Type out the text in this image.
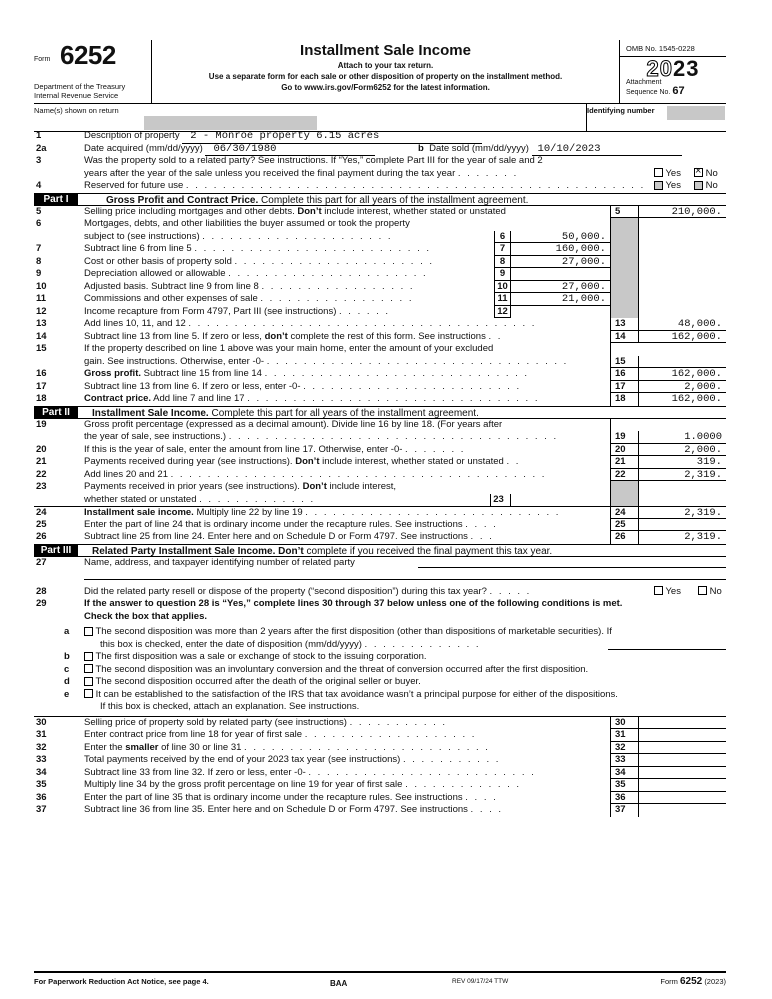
Form 6252
Department of the Treasury
Internal Revenue Service
Installment Sale Income
Attach to your tax return.
Use a separate form for each sale or other disposition of property on the installment method.
Go to www.irs.gov/Form6252 for the latest information.
OMB No. 1545-0228
2023
Attachment
Sequence No. 67
Name(s) shown on return	Identifying number
1	Description of property 2 - Monroe property 6.15 acres
2a	Date acquired (mm/dd/yyyy) 06/30/1980	b Date sold (mm/dd/yyyy) 10/10/2023
3	Was the property sold to a related party? See instructions. If “Yes,” complete Part III for the year of sale and 2
years after the year of the sale unless you received the final payment during the tax year . . . . . . .	Yes ×	No
4	Reserved for future use . . . . . . . . . . . . . . . . . . . . . . . . . . . . . . . . . . . . . . . . . . . . . . . . . .	Yes	No
Part I	Gross Profit and Contract Price. Complete this part for all years of the installment agreement.
5	Selling price including mortgages and other debts. Don’t include interest, whether stated or unstated	5	210,000.
6	Mortgages, debts, and other liabilities the buyer assumed or took the property
subject to (see instructions) . . . . . . . . . . . . . . . . . . . . .	6	50,000.
7	Subtract line 6 from line 5 . . . . . . . . . . . . . . . . . . . . . . . . . .	7	160,000.
8	Cost or other basis of property sold . . . . . . . . . . . . . . . . . . . . . .	8	27,000.
9	Depreciation allowed or allowable . . . . . . . . . . . . . . . . . . . . . .	9
10	Adjusted basis. Subtract line 9 from line 8 . . . . . . . . . . . . . . . . .	10	27,000.
11	Commissions and other expenses of sale . . . . . . . . . . . . . . . . .	11	21,000.
12	Income recapture from Form 4797, Part III (see instructions) . . . . . .	12
13	Add lines 10, 11, and 12 . . . . . . . . . . . . . . . . . . . . . . . . . . . . . . . . . . . . . .	13	48,000.
14	Subtract line 13 from line 5. If zero or less, don’t complete the rest of this form. See instructions . .	14	162,000.
15	If the property described on line 1 above was your main home, enter the amount of your excluded
gain. See instructions. Otherwise, enter -0- . . . . . . . . . . . . . . . . . . . . . . . . . . . . . . . . .	15
16	Gross profit. Subtract line 15 from line 14 . . . . . . . . . . . . . . . . . . . . . . . . . . . . .	16	162,000.
17	Subtract line 13 from line 6. If zero or less, enter -0- . . . . . . . . . . . . . . . . . . . . . . . .	17	2,000.
18	Contract price. Add line 7 and line 17 . . . . . . . . . . . . . . . . . . . . . . . . . . . . . . . .	18	162,000.
Part II	Installment Sale Income. Complete this part for all years of the installment agreement.
19	Gross profit percentage (expressed as a decimal amount). Divide line 16 by line 18. (For years after
the year of sale, see instructions.) . . . . . . . . . . . . . . . . . . . . . . . . . . . . . . . . . . . .	19	1.0000
20	If this is the year of sale, enter the amount from line 17. Otherwise, enter -0- . . . . . . .	20	2,000.
21	Payments received during year (see instructions). Don’t include interest, whether stated or unstated . .	21	319.
22	Add lines 20 and 21 . . . . . . . . . . . . . . . . . . . . . . . . . . . . . . . . . . . . . . . . .	22	2,319.
23	Payments received in prior years (see instructions). Don’t include interest,
whether stated or unstated . . . . . . . . . . . . .	23
24	Installment sale income. Multiply line 22 by line 19 . . . . . . . . . . . . . . . . . . . . . . . . . . . .	24	2,319.
25	Enter the part of line 24 that is ordinary income under the recapture rules. See instructions . . . .	25
26	Subtract line 25 from line 24. Enter here and on Schedule D or Form 4797. See instructions . . .	26	2,319.
Part III	Related Party Installment Sale Income. Don’t complete if you received the final payment this tax year.
27	Name, address, and taxpayer identifying number of related party
28	Did the related party resell or dispose of the property (“second disposition”) during this tax year? . . . . .	Yes	No
29	If the answer to question 28 is “Yes,” complete lines 30 through 37 below unless one of the following conditions is met.
Check the box that applies.
a	The second disposition was more than 2 years after the first disposition (other than dispositions of marketable securities). If
this box is checked, enter the date of disposition (mm/dd/yyyy) . . . . . . . . . . . . .
b	The first disposition was a sale or exchange of stock to the issuing corporation.
c	The second disposition was an involuntary conversion and the threat of conversion occurred after the first disposition.
d	The second disposition occurred after the death of the original seller or buyer.
e	It can be established to the satisfaction of the IRS that tax avoidance wasn’t a principal purpose for either of the dispositions.
If this box is checked, attach an explanation. See instructions.
30	Selling price of property sold by related party (see instructions) . . . . . . . . . . .	30
31	Enter contract price from line 18 for year of first sale . . . . . . . . . . . . . . . . . . .	31
32	Enter the smaller of line 30 or line 31 . . . . . . . . . . . . . . . . . . . . . . . . . . .	32
33	Total payments received by the end of your 2023 tax year (see instructions) . . . . . . . . . . .	33
34	Subtract line 33 from line 32. If zero or less, enter -0- . . . . . . . . . . . . . . . . . . . . . . . . .	34
35	Multiply line 34 by the gross profit percentage on line 19 for year of first sale . . . . . . . . . . . . .	35
36	Enter the part of line 35 that is ordinary income under the recapture rules. See instructions . . . .	36
37	Subtract line 36 from line 35. Enter here and on Schedule D or Form 4797. See instructions . . . .	37
For Paperwork Reduction Act Notice, see page 4.	BAA	REV 09/17/24 TTW	Form 6252 (2023)
